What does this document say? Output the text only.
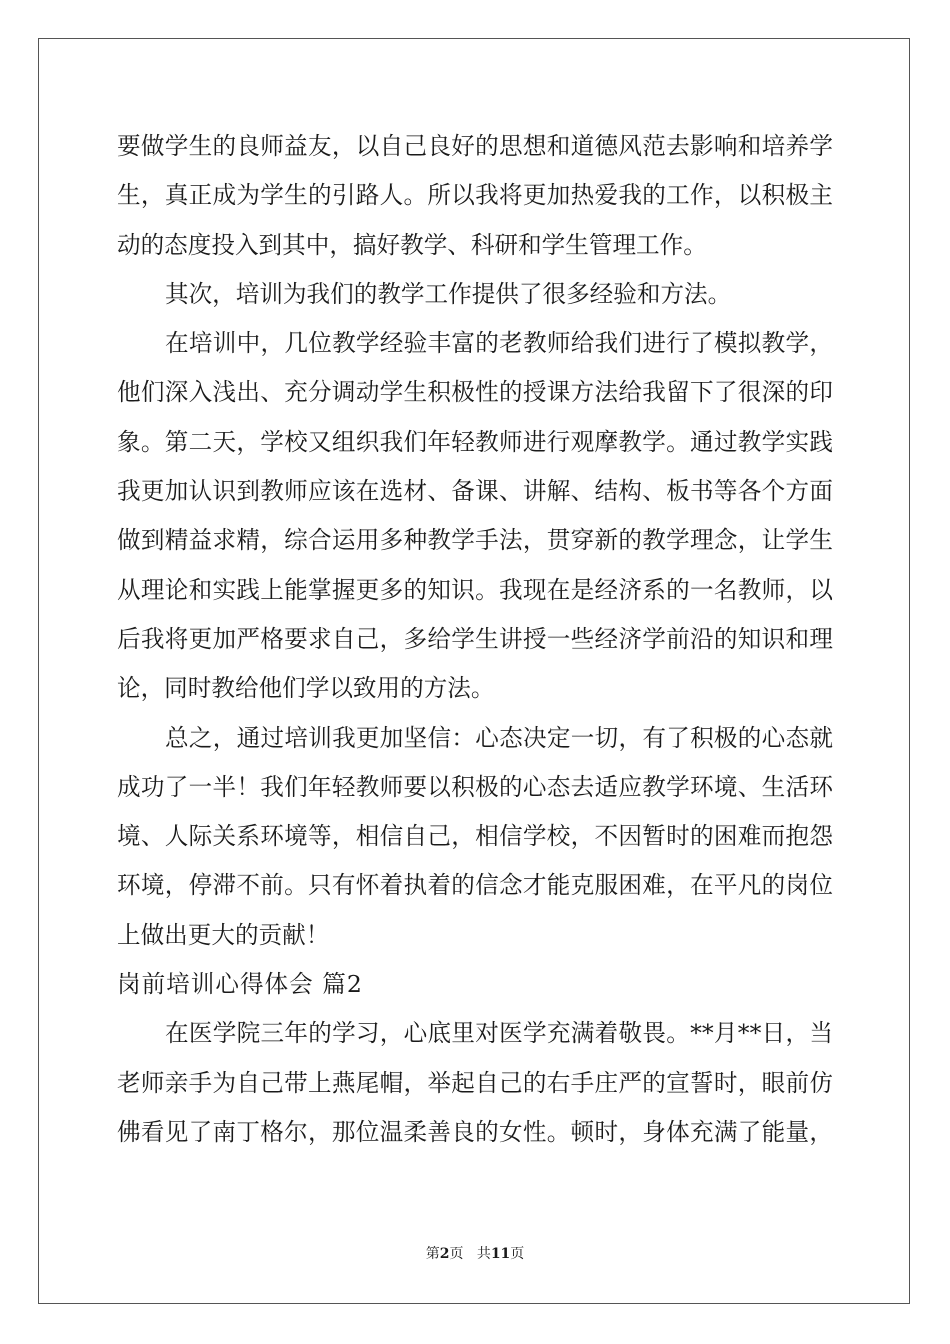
要做学生的良师益友，以自己良好的思想和道德风范去影响和培养学
生，真正成为学生的引路人。所以我将更加热爱我的工作，以积极主
动的态度投入到其中，搞好教学、科研和学生管理工作。
其次，培训为我们的教学工作提供了很多经验和方法。
在培训中，几位教学经验丰富的老教师给我们进行了模拟教学，
他们深入浅出、充分调动学生积极性的授课方法给我留下了很深的印
象。第二天，学校又组织我们年轻教师进行观摩教学。通过教学实践
我更加认识到教师应该在选材、备课、讲解、结构、板书等各个方面
做到精益求精，综合运用多种教学手法，贯穿新的教学理念，让学生
从理论和实践上能掌握更多的知识。我现在是经济系的一名教师，以
后我将更加严格要求自己，多给学生讲授一些经济学前沿的知识和理
论，同时教给他们学以致用的方法。
总之，通过培训我更加坚信：心态决定一切，有了积极的心态就
成功了一半！我们年轻教师要以积极的心态去适应教学环境、生活环
境、人际关系环境等，相信自己，相信学校，不因暂时的困难而抱怨
环境，停滞不前。只有怀着执着的信念才能克服困难，在平凡的岗位
上做出更大的贡献！
岗前培训心得体会 篇2
在医学院三年的学习，心底里对医学充满着敬畏。**月**日，当
老师亲手为自己带上燕尾帽，举起自己的右手庄严的宣誓时，眼前仿
佛看见了南丁格尔，那位温柔善良的女性。顿时，身体充满了能量，
第2页 共11页
